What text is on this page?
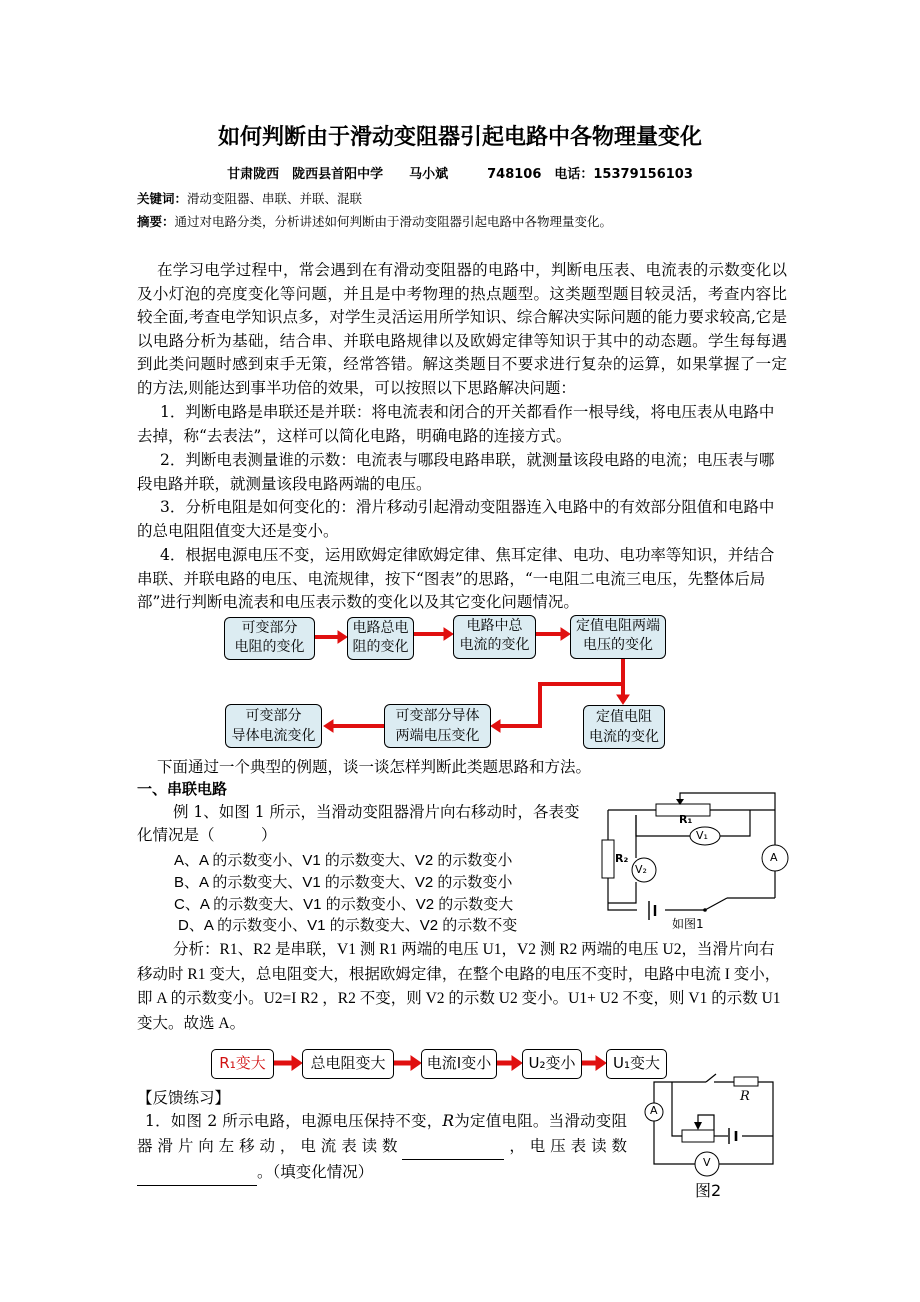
如何判断由于滑动变阻器引起电路中各物理量变化
甘肃陇西　陇西县首阳中学　　马小斌　　　748106　电话：15379156103
关键词：滑动变阻器、串联、并联、混联
摘要：通过对电路分类，分析讲述如何判断由于滑动变阻器引起电路中各物理量变化。
在学习电学过程中，常会遇到在有滑动变阻器的电路中，判断电压表、电流表的示数变化以及小灯泡的亮度变化等问题，并且是中考物理的热点题型。这类题型题目较灵活，考查内容比较全面,考查电学知识点多，对学生灵活运用所学知识、综合解决实际问题的能力要求较高,它是以电路分析为基础，结合串、并联电路规律以及欧姆定律等知识于其中的动态题。学生每每遇到此类问题时感到束手无策，经常答错。解这类题目不要求进行复杂的运算，如果掌握了一定的方法,则能达到事半功倍的效果，可以按照以下思路解决问题：
1．判断电路是串联还是并联：将电流表和闭合的开关都看作一根导线，将电压表从电路中去掉，称“去表法”，这样可以简化电路，明确电路的连接方式。
2．判断电表测量谁的示数：电流表与哪段电路串联，就测量该段电路的电流；电压表与哪段电路并联，就测量该段电路两端的电压。
3．分析电阻是如何变化的：滑片移动引起滑动变阻器连入电路中的有效部分阻值和电路中的总电阻阻值变大还是变小。
4．根据电源电压不变，运用欧姆定律欧姆定律、焦耳定律、电功、电功率等知识，并结合串联、并联电路的电压、电流规律，按下“图表”的思路，“一电阻二电流三电压，先整体后局部”进行判断电流表和电压表示数的变化以及其它变化问题情况。
可变部分
电阻的变化
电路总电
阻的变化
电路中总
电流的变化
定值电阻两端
电压的变化
定值电阻
电流的变化
可变部分导体
两端电压变化
可变部分
导体电流变化
下面通过一个典型的例题，谈一谈怎样判断此类题思路和方法。
一、串联电路
例 1、如图 1 所示，当滑动变阻器滑片向右移动时，各表变化情况是（　　　）
A、A 的示数变小、V1 的示数变大、V2 的示数变小
B、A 的示数变大、V1 的示数变大、V2 的示数变小
C、A 的示数变大、V1 的示数变小、V2 的示数变大
D、A 的示数变小、V1 的示数变大、V2 的示数不变
R₁
R₂
V₁
V₂
A
如图1
分析：R1、R2 是串联，V1 测 R1 两端的电压 U1，V2 测 R2 两端的电压 U2，当滑片向右移动时 R1 变大，总电阻变大，根据欧姆定律，在整个电路的电压不变时，电路中电流 I 变小，即 A 的示数变小。U2=I R2 ，R2 不变，则 V2 的示数 U2 变小。U1+ U2 不变，则 V1 的示数 U1 变大。故选 A。
R₁变大	总电阻变大	电流I变小	U₂变小	U₁变大
【反馈练习】
1．如图 2 所示电路，电源电压保持不变，R为定值电阻。当滑动变阻器滑片向左移动，电流表读数	，电压表读数 。（填变化情况）
R
A
V
图2
